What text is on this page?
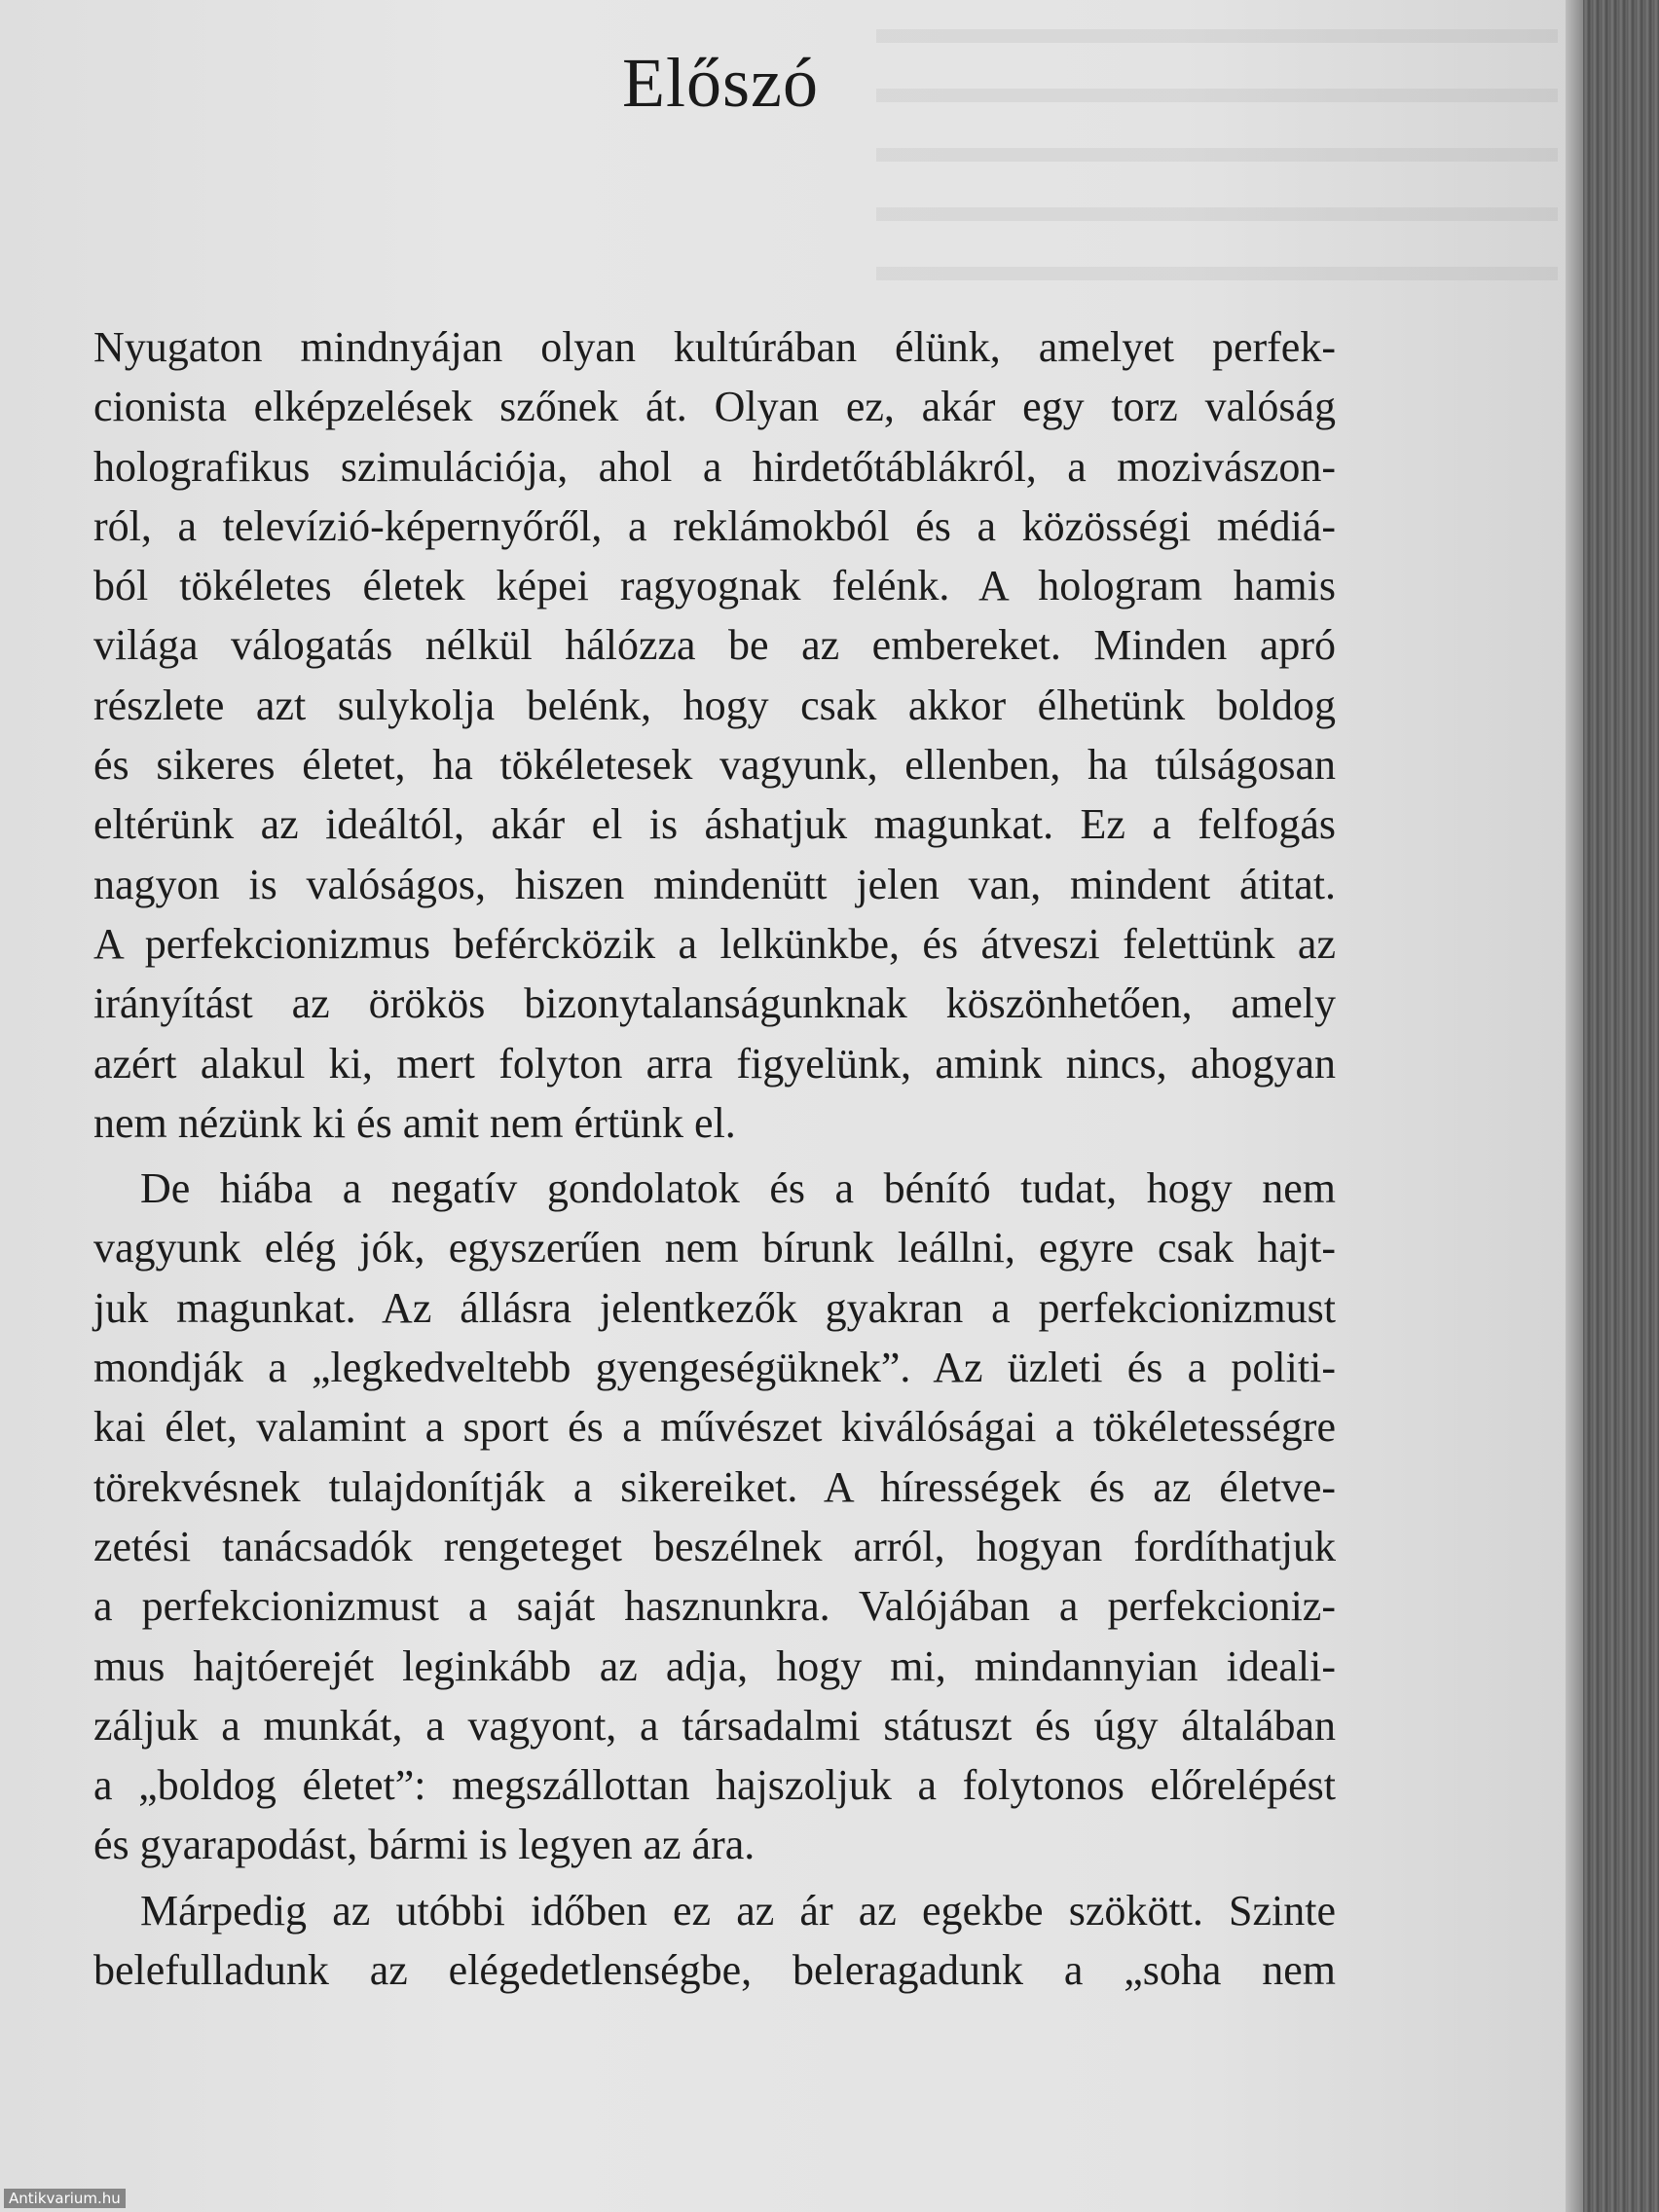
Előszó

Nyugaton mindnyájan olyan kultúrában élünk, amelyet perfek-
cionista elképzelések szőnek át. Olyan ez, akár egy torz valóság
holografikus szimulációja, ahol a hirdetőtáblákról, a mozivászon-
ról, a televízió-képernyőről, a reklámokból és a közösségi médiá-
ból tökéletes életek képei ragyognak felénk. A hologram hamis
világa válogatás nélkül hálózza be az embereket. Minden apró
részlete azt sulykolja belénk, hogy csak akkor élhetünk boldog
és sikeres életet, ha tökéletesek vagyunk, ellenben, ha túlságosan
eltérünk az ideáltól, akár el is áshatjuk magunkat. Ez a felfogás
nagyon is valóságos, hiszen mindenütt jelen van, mindent átitat.
A perfekcionizmus befércközik a lelkünkbe, és átveszi felettünk az
irányítást az örökös bizonytalanságunknak köszönhetően, amely
azért alakul ki, mert folyton arra figyelünk, amink nincs, ahogyan
nem nézünk ki és amit nem értünk el.

De hiába a negatív gondolatok és a bénító tudat, hogy nem
vagyunk elég jók, egyszerűen nem bírunk leállni, egyre csak hajt-
juk magunkat. Az állásra jelentkezők gyakran a perfekcionizmust
mondják a „legkedveltebb gyengeségüknek”. Az üzleti és a politi-
kai élet, valamint a sport és a művészet kiválóságai a tökéletességre
törekvésnek tulajdonítják a sikereiket. A hírességek és az életve-
zetési tanácsadók rengeteget beszélnek arról, hogyan fordíthatjuk
a perfekcionizmust a saját hasznunkra. Valójában a perfekcioniz-
mus hajtóerejét leginkább az adja, hogy mi, mindannyian ideali-
záljuk a munkát, a vagyont, a társadalmi státuszt és úgy általában
a „boldog életet”: megszállottan hajszoljuk a folytonos előrelépést
és gyarapodást, bármi is legyen az ára.

Márpedig az utóbbi időben ez az ár az egekbe szökött. Szinte
belefulladunk az elégedetlenségbe, beleragadunk a „soha nem

Antikvarium.hu
